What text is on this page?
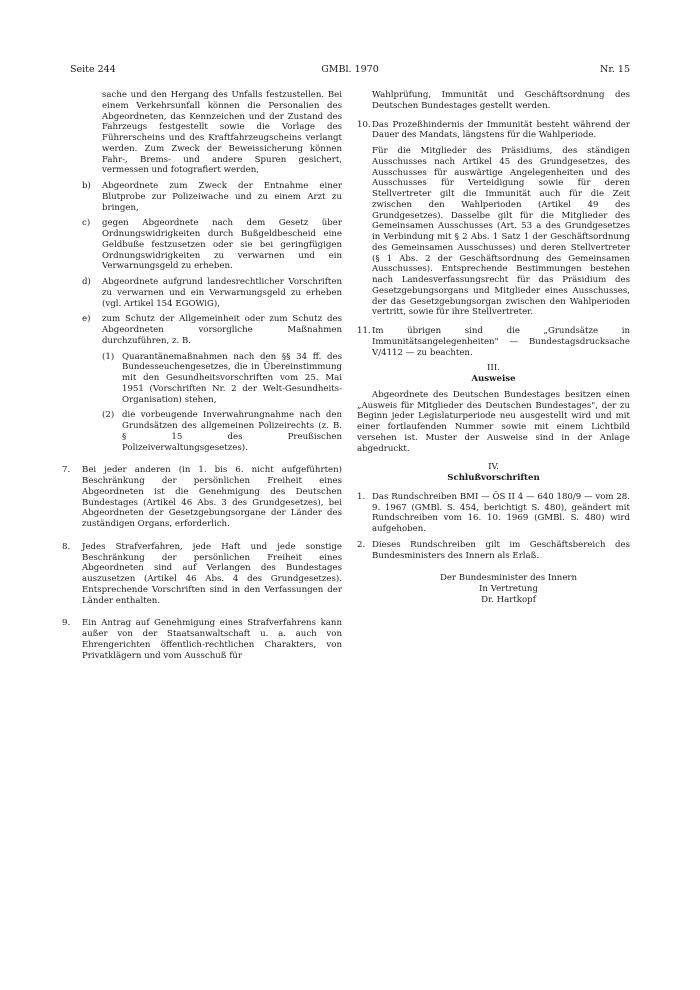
Seite 244	GMBl. 1970	Nr. 15

sache und den Hergang des Unfalls festzustellen. Bei einem Verkehrsunfall können die Personalien des Abgeordneten, das Kennzeichen und der Zustand des Fahrzeugs festgestellt sowie die Vorlage des Führerscheins und des Kraftfahrzeugscheins verlangt werden. Zum Zweck der Beweissicherung können Fahr-, Brems- und andere Spuren gesichert, vermessen und fotografiert werden,

b) Abgeordnete zum Zweck der Entnahme einer Blutprobe zur Polizeiwache und zu einem Arzt zu bringen,

c) gegen Abgeordnete nach dem Gesetz über Ordnungswidrigkeiten durch Bußgeldbescheid eine Geldbuße festzusetzen oder sie bei geringfügigen Ordnungswidrigkeiten zu verwarnen und ein Verwarnungsgeld zu erheben.

d) Abgeordnete aufgrund landesrechtlicher Vorschriften zu verwarnen und ein Verwarnungsgeld zu erheben (vgl. Artikel 154 EGOWiG),

e) zum Schutz der Allgemeinheit oder zum Schutz des Abgeordneten vorsorgliche Maßnahmen durchzuführen, z. B.

(1) Quarantänemaßnahmen nach den §§ 34 ff. des Bundesseuchengesetzes, die in Übereinstimmung mit den Gesundheitsvorschriften vom 25. Mai 1951 (Vorschriften Nr. 2 der Welt-Gesundheits-Organisation) stehen,

(2) die vorbeugende Inverwahrungnahme nach den Grundsätzen des allgemeinen Polizeirechts (z. B. § 15 des Preußischen Polizeiverwaltungsgesetzes).

7. Bei jeder anderen (in 1. bis 6. nicht aufgeführten) Beschränkung der persönlichen Freiheit eines Abgeordneten ist die Genehmigung des Deutschen Bundestages (Artikel 46 Abs. 3 des Grundgesetzes), bei Abgeordneten der Gesetzgebungsorgane der Länder des zuständigen Organs, erforderlich.

8. Jedes Strafverfahren, jede Haft und jede sonstige Beschränkung der persönlichen Freiheit eines Abgeordneten sind auf Verlangen des Bundestages auszusetzen (Artikel 46 Abs. 4 des Grundgesetzes). Entsprechende Vorschriften sind in den Verfassungen der Länder enthalten.

9. Ein Antrag auf Genehmigung eines Strafverfahrens kann außer von der Staatsanwaltschaft u. a. auch von Ehrengerichten öffentlich-rechtlichen Charakters, von Privatklägern und vom Ausschuß für

Wahlprüfung, Immunität und Geschäftsordnung des Deutschen Bundestages gestellt werden.

10. Das Prozeßhindernis der Immunität besteht während der Dauer des Mandats, längstens für die Wahlperiode.

Für die Mitglieder des Präsidiums, des ständigen Ausschusses nach Artikel 45 des Grundgesetzes, des Ausschusses für auswärtige Angelegenheiten und des Ausschusses für Verteidigung sowie für deren Stellvertreter gilt die Immunität auch für die Zeit zwischen den Wahlperioden (Artikel 49 des Grundgesetzes). Dasselbe gilt für die Mitglieder des Gemeinsamen Ausschusses (Art. 53 a des Grundgesetzes in Verbindung mit § 2 Abs. 1 Satz 1 der Geschäftsordnung des Gemeinsamen Ausschusses) und deren Stellvertreter (§ 1 Abs. 2 der Geschäftsordnung des Gemeinsamen Ausschusses). Entsprechende Bestimmungen bestehen nach Landesverfassungsrecht für das Präsidium des Gesetzgebungsorgans und Mitglieder eines Ausschusses, der das Gesetzgebungsorgan zwischen den Wahlperioden vertritt, sowie für ihre Stellvertreter.

11. Im übrigen sind die „Grundsätze in Immunitätsangelegenheiten" — Bundestagsdrucksache V/4112 — zu beachten.

III.

Ausweise

Abgeordnete des Deutschen Bundestages besitzen einen „Ausweis für Mitglieder des Deutschen Bundestages", der zu Beginn jeder Legislaturperiode neu ausgestellt wird und mit einer fortlaufenden Nummer sowie mit einem Lichtbild versehen ist. Muster der Ausweise sind in der Anlage abgedruckt.

IV.

Schlußvorschriften

1. Das Rundschreiben BMI — ÖS II 4 — 640 180/9 — vom 28. 9. 1967 (GMBl. S. 454, berichtigt S. 480), geändert mit Rundschreiben vom 16. 10. 1969 (GMBl. S. 480) wird aufgehoben.

2. Dieses Rundschreiben gilt im Geschäftsbereich des Bundesministers des Innern als Erlaß.

Der Bundesminister des Innern

In Vertretung

Dr. Hartkopf
